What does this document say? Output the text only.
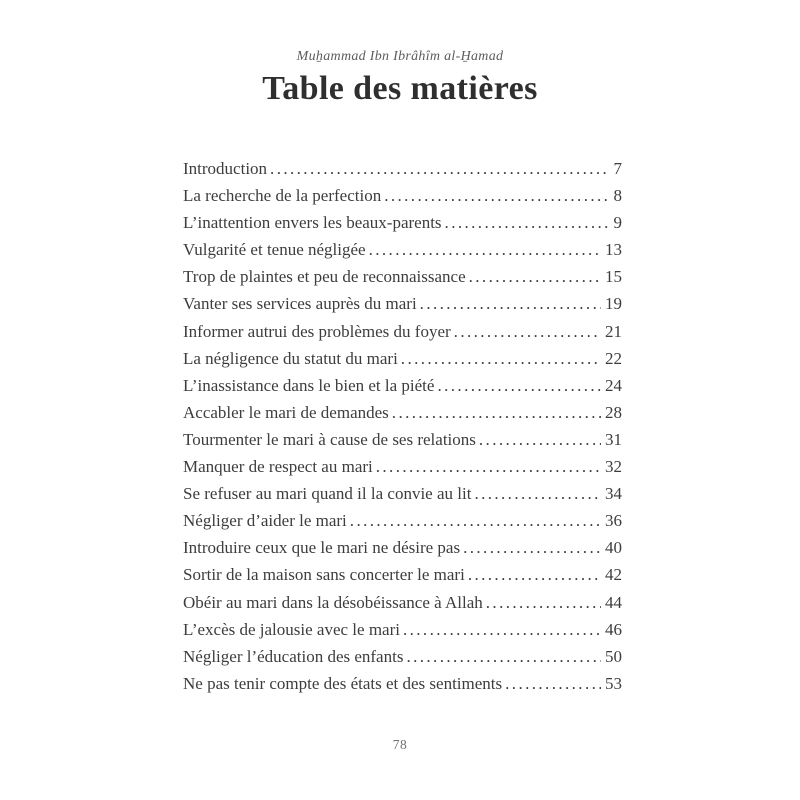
Muẖammad Ibn Ibrâhîm al-H̱amad
Table des matières
Introduction .....	7
La recherche de la perfection .....	8
L’inattention envers les beaux-parents .....	9
Vulgarité et tenue négligée .....	13
Trop de plaintes et peu de reconnaissance .....	15
Vanter ses services auprès du mari .....	19
Informer autrui des problèmes du foyer .....	21
La négligence du statut du mari .....	22
L’inassistance dans le bien et la piété .....	24
Accabler le mari de demandes .....	28
Tourmenter le mari à cause de ses relations .....	31
Manquer de respect au mari .....	32
Se refuser au mari quand il la convie au lit .....	34
Négliger d’aider le mari .....	36
Introduire ceux que le mari ne désire pas .....	40
Sortir de la maison sans concerter le mari .....	42
Obéir au mari dans la désobéissance à Allah .....	44
L’excès de jalousie avec le mari .....	46
Négliger l’éducation des enfants .....	50
Ne pas tenir compte des états et des sentiments .....	53
78
